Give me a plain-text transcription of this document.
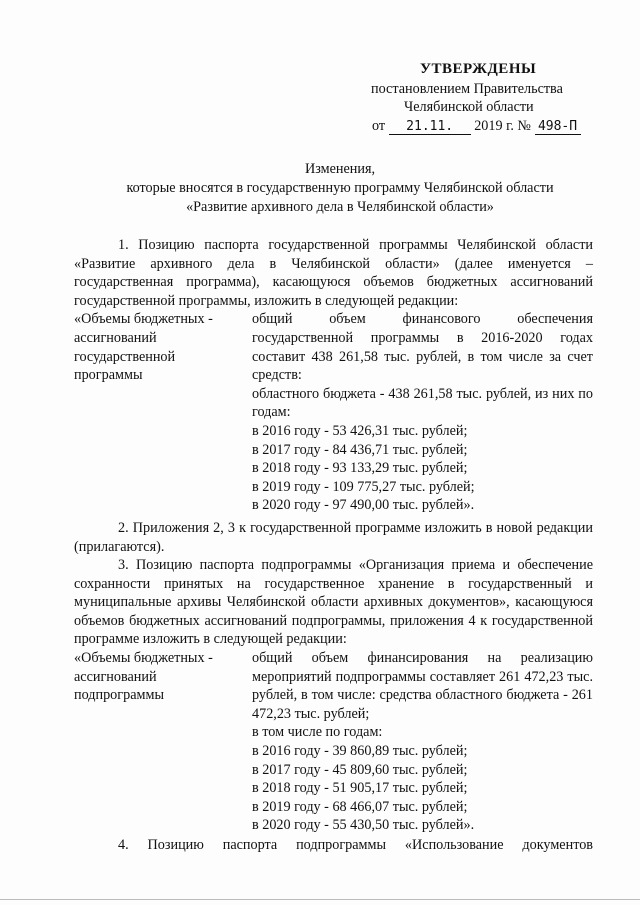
УТВЕРЖДЕНЫ
постановлением Правительства
Челябинской области
от 21.11. 2019 г. № 498-П
Изменения,
которые вносятся в государственную программу Челябинской области
«Развитие архивного дела в Челябинской области»
1. Позицию паспорта государственной программы Челябинской области «Развитие архивного дела в Челябинской области» (далее именуется – государственная программа), касающуюся объемов бюджетных ассигнований государственной программы, изложить в следующей редакции:
«Объемы бюджетных -
ассигнований
государственной
программы
общий объем финансового обеспечения государственной программы в 2016-2020 годах составит 438 261,58 тыс. рублей, в том числе за счет средств:
областного бюджета - 438 261,58 тыс. рублей, из них по годам:
в 2016 году - 53 426,31 тыс. рублей;
в 2017 году - 84 436,71 тыс. рублей;
в 2018 году - 93 133,29 тыс. рублей;
в 2019 году - 109 775,27 тыс. рублей;
в 2020 году - 97 490,00 тыс. рублей».
2. Приложения 2, 3 к государственной программе изложить в новой редакции (прилагаются).
3. Позицию паспорта подпрограммы «Организация приема и обеспечение сохранности принятых на государственное хранение в государственный и муниципальные архивы Челябинской области архивных документов», касающуюся объемов бюджетных ассигнований подпрограммы, приложения 4 к государственной программе изложить в следующей редакции:
«Объемы бюджетных -
ассигнований
подпрограммы
общий объем финансирования на реализацию мероприятий подпрограммы составляет 261 472,23 тыс. рублей, в том числе: средства областного бюджета - 261 472,23 тыс. рублей;
в том числе по годам:
в 2016 году - 39 860,89 тыс. рублей;
в 2017 году - 45 809,60 тыс. рублей;
в 2018 году - 51 905,17 тыс. рублей;
в 2019 году - 68 466,07 тыс. рублей;
в 2020 году - 55 430,50 тыс. рублей».
4. Позицию паспорта подпрограммы «Использование документов
